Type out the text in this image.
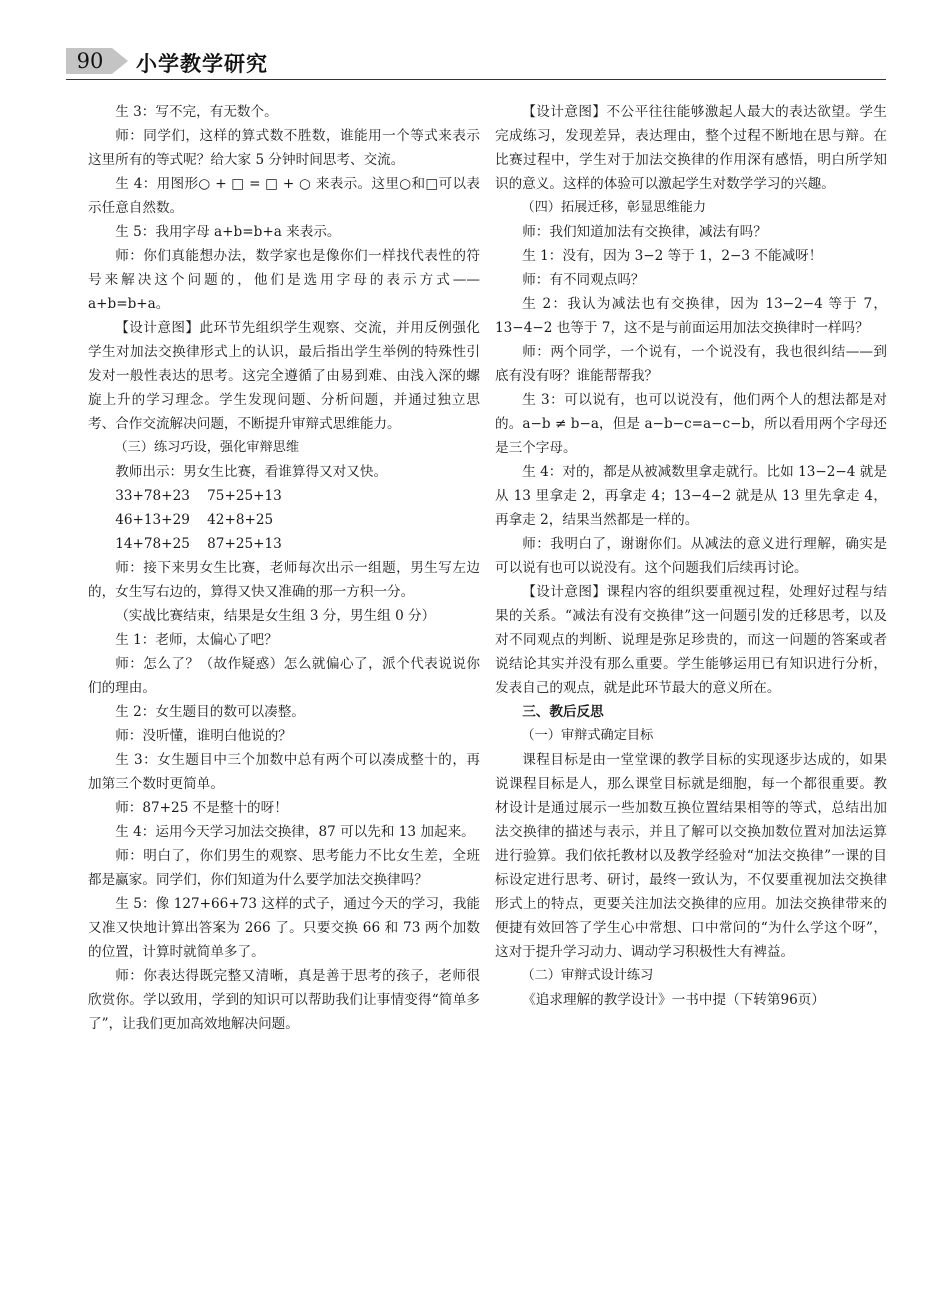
90	小学教学研究

生 3：写不完，有无数个。

师：同学们，这样的算式数不胜数，谁能用一个等式来表示这里所有的等式呢？给大家 5 分钟时间思考、交流。

生 4：用图形○ + □ = □ + ○ 来表示。这里○和□可以表示任意自然数。

生 5：我用字母 a+b=b+a 来表示。

师：你们真能想办法，数学家也是像你们一样找代表性的符号来解决这个问题的，他们是选用字母的表示方式——a+b=b+a。

【设计意图】此环节先组织学生观察、交流，并用反例强化学生对加法交换律形式上的认识，最后指出学生举例的特殊性引发对一般性表达的思考。这完全遵循了由易到难、由浅入深的螺旋上升的学习理念。学生发现问题、分析问题，并通过独立思考、合作交流解决问题，不断提升审辩式思维能力。

（三）练习巧设，强化审辩思维

教师出示：男女生比赛，看谁算得又对又快。

33+78+23    75+25+13

46+13+29    42+8+25

14+78+25    87+25+13

师：接下来男女生比赛，老师每次出示一组题，男生写左边的，女生写右边的，算得又快又准确的那一方积一分。

（实战比赛结束，结果是女生组 3 分，男生组 0 分）

生 1：老师，太偏心了吧？

师：怎么了？（故作疑惑）怎么就偏心了，派个代表说说你们的理由。

生 2：女生题目的数可以凑整。

师：没听懂，谁明白他说的？

生 3：女生题目中三个加数中总有两个可以凑成整十的，再加第三个数时更简单。

师：87+25 不是整十的呀！

生 4：运用今天学习加法交换律，87 可以先和 13 加起来。

师：明白了，你们男生的观察、思考能力不比女生差，全班都是赢家。同学们，你们知道为什么要学加法交换律吗？

生 5：像 127+66+73 这样的式子，通过今天的学习，我能又准又快地计算出答案为 266 了。只要交换 66 和 73 两个加数的位置，计算时就简单多了。

师：你表达得既完整又清晰，真是善于思考的孩子，老师很欣赏你。学以致用，学到的知识可以帮助我们让事情变得“简单多了”，让我们更加高效地解决问题。

【设计意图】不公平往往能够激起人最大的表达欲望。学生完成练习，发现差异，表达理由，整个过程不断地在思与辩。在比赛过程中，学生对于加法交换律的作用深有感悟，明白所学知识的意义。这样的体验可以激起学生对数学学习的兴趣。

（四）拓展迁移，彰显思维能力

师：我们知道加法有交换律，减法有吗？

生 1：没有，因为 3−2 等于 1，2−3 不能减呀！

师：有不同观点吗？

生 2：我认为减法也有交换律，因为 13−2−4 等于 7，13−4−2 也等于 7，这不是与前面运用加法交换律时一样吗？

师：两个同学，一个说有，一个说没有，我也很纠结——到底有没有呀？谁能帮帮我？

生 3：可以说有，也可以说没有，他们两个人的想法都是对的。a−b ≠ b−a，但是 a−b−c=a−c−b，所以看用两个字母还是三个字母。

生 4：对的，都是从被减数里拿走就行。比如 13−2−4 就是从 13 里拿走 2，再拿走 4；13−4−2 就是从 13 里先拿走 4，再拿走 2，结果当然都是一样的。

师：我明白了，谢谢你们。从减法的意义进行理解，确实是可以说有也可以说没有。这个问题我们后续再讨论。

【设计意图】课程内容的组织要重视过程，处理好过程与结果的关系。“减法有没有交换律”这一问题引发的迁移思考，以及对不同观点的判断、说理是弥足珍贵的，而这一问题的答案或者说结论其实并没有那么重要。学生能够运用已有知识进行分析，发表自己的观点，就是此环节最大的意义所在。

三、教后反思

（一）审辩式确定目标

课程目标是由一堂堂课的教学目标的实现逐步达成的，如果说课程目标是人，那么课堂目标就是细胞，每一个都很重要。教材设计是通过展示一些加数互换位置结果相等的等式，总结出加法交换律的描述与表示，并且了解可以交换加数位置对加法运算进行验算。我们依托教材以及教学经验对“加法交换律”一课的目标设定进行思考、研讨，最终一致认为，不仅要重视加法交换律形式上的特点，更要关注加法交换律的应用。加法交换律带来的便捷有效回答了学生心中常想、口中常问的“为什么学这个呀”，这对于提升学习动力、调动学习积极性大有裨益。

（二）审辩式设计练习

《追求理解的教学设计》一书中提（下转第96页）
